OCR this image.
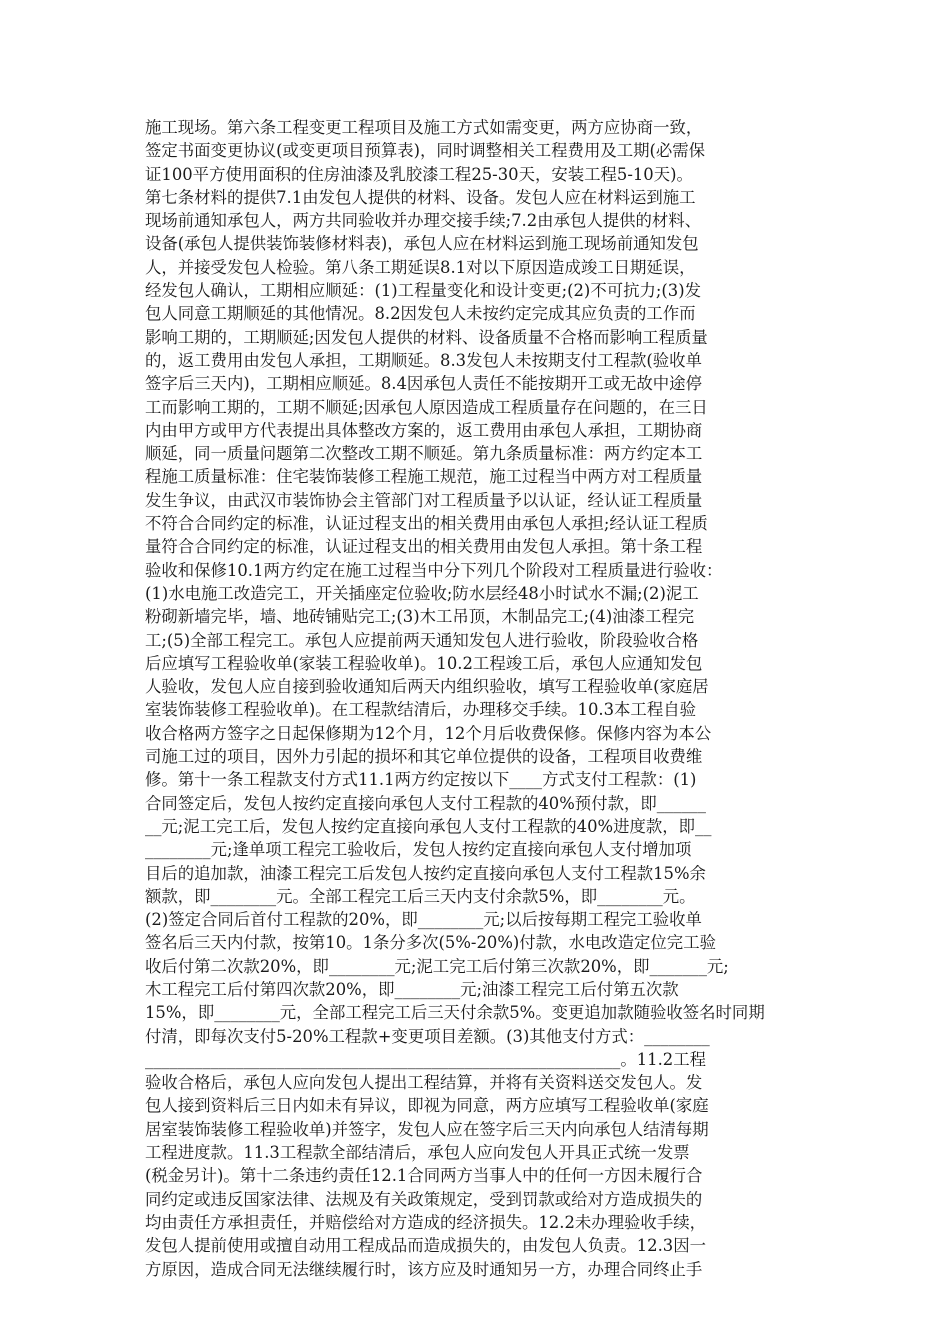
施工现场。第六条工程变更工程项目及施工方式如需变更，两方应协商一致，
签定书面变更协议(或变更项目预算表)，同时调整相关工程费用及工期(必需保
证100平方使用面积的住房油漆及乳胶漆工程25-30天，安装工程5-10天)。
第七条材料的提供7.1由发包人提供的材料、设备。发包人应在材料运到施工
现场前通知承包人，两方共同验收并办理交接手续;7.2由承包人提供的材料、
设备(承包人提供装饰装修材料表)，承包人应在材料运到施工现场前通知发包
人，并接受发包人检验。第八条工期延误8.1对以下原因造成竣工日期延误，
经发包人确认，工期相应顺延：(1)工程量变化和设计变更;(2)不可抗力;(3)发
包人同意工期顺延的其他情况。8.2因发包人未按约定完成其应负责的工作而
影响工期的，工期顺延;因发包人提供的材料、设备质量不合格而影响工程质量
的，返工费用由发包人承担，工期顺延。8.3发包人未按期支付工程款(验收单
签字后三天内)，工期相应顺延。8.4因承包人责任不能按期开工或无故中途停
工而影响工期的，工期不顺延;因承包人原因造成工程质量存在问题的，在三日
内由甲方或甲方代表提出具体整改方案的，返工费用由承包人承担，工期协商
顺延，同一质量问题第二次整改工期不顺延。第九条质量标准：两方约定本工
程施工质量标准：住宅装饰装修工程施工规范，施工过程当中两方对工程质量
发生争议，由武汉市装饰协会主管部门对工程质量予以认证，经认证工程质量
不符合合同约定的标准，认证过程支出的相关费用由承包人承担;经认证工程质
量符合合同约定的标准，认证过程支出的相关费用由发包人承担。第十条工程
验收和保修10.1两方约定在施工过程当中分下列几个阶段对工程质量进行验收：
(1)水电施工改造完工，开关插座定位验收;防水层经48小时试水不漏;(2)泥工
粉砌新墙完毕，墙、地砖铺贴完工;(3)木工吊顶，木制品完工;(4)油漆工程完
工;(5)全部工程完工。承包人应提前两天通知发包人进行验收，阶段验收合格
后应填写工程验收单(家装工程验收单)。10.2工程竣工后，承包人应通知发包
人验收，发包人应自接到验收通知后两天内组织验收，填写工程验收单(家庭居
室装饰装修工程验收单)。在工程款结清后，办理移交手续。10.3本工程自验
收合格两方签字之日起保修期为12个月，12个月后收费保修。保修内容为本公
司施工过的项目，因外力引起的损坏和其它单位提供的设备，工程项目收费维
修。第十一条工程款支付方式11.1两方约定按以下____方式支付工程款：(1)
合同签定后，发包人按约定直接向承包人支付工程款的40%预付款，即______
__元;泥工完工后，发包人按约定直接向承包人支付工程款的40%进度款，即__
________元;逢单项工程完工验收后，发包人按约定直接向承包人支付增加项
目后的追加款，油漆工程完工后发包人按约定直接向承包人支付工程款15%余
额款，即________元。全部工程完工后三天内支付余款5%，即________元。
(2)签定合同后首付工程款的20%，即________元;以后按每期工程完工验收单
签名后三天内付款，按第10。1条分多次(5%-20%)付款，水电改造定位完工验
收后付第二次款20%，即________元;泥工完工后付第三次款20%，即_______元;
木工程完工后付第四次款20%，即________元;油漆工程完工后付第五次款
15%，即________元，全部工程完工后三天付余款5%。变更追加款随验收签名时同期
付清，即每次支付5-20%工程款+变更项目差额。(3)其他支付方式：________
__________________________________________________________。11.2工程
验收合格后，承包人应向发包人提出工程结算，并将有关资料送交发包人。发
包人接到资料后三日内如未有异议，即视为同意，两方应填写工程验收单(家庭
居室装饰装修工程验收单)并签字，发包人应在签字后三天内向承包人结清每期
工程进度款。11.3工程款全部结清后，承包人应向发包人开具正式统一发票
(税金另计)。第十二条违约责任12.1合同两方当事人中的任何一方因未履行合
同约定或违反国家法律、法规及有关政策规定，受到罚款或给对方造成损失的
均由责任方承担责任，并赔偿给对方造成的经济损失。12.2未办理验收手续，
发包人提前使用或擅自动用工程成品而造成损失的，由发包人负责。12.3因一
方原因，造成合同无法继续履行时，该方应及时通知另一方，办理合同终止手
